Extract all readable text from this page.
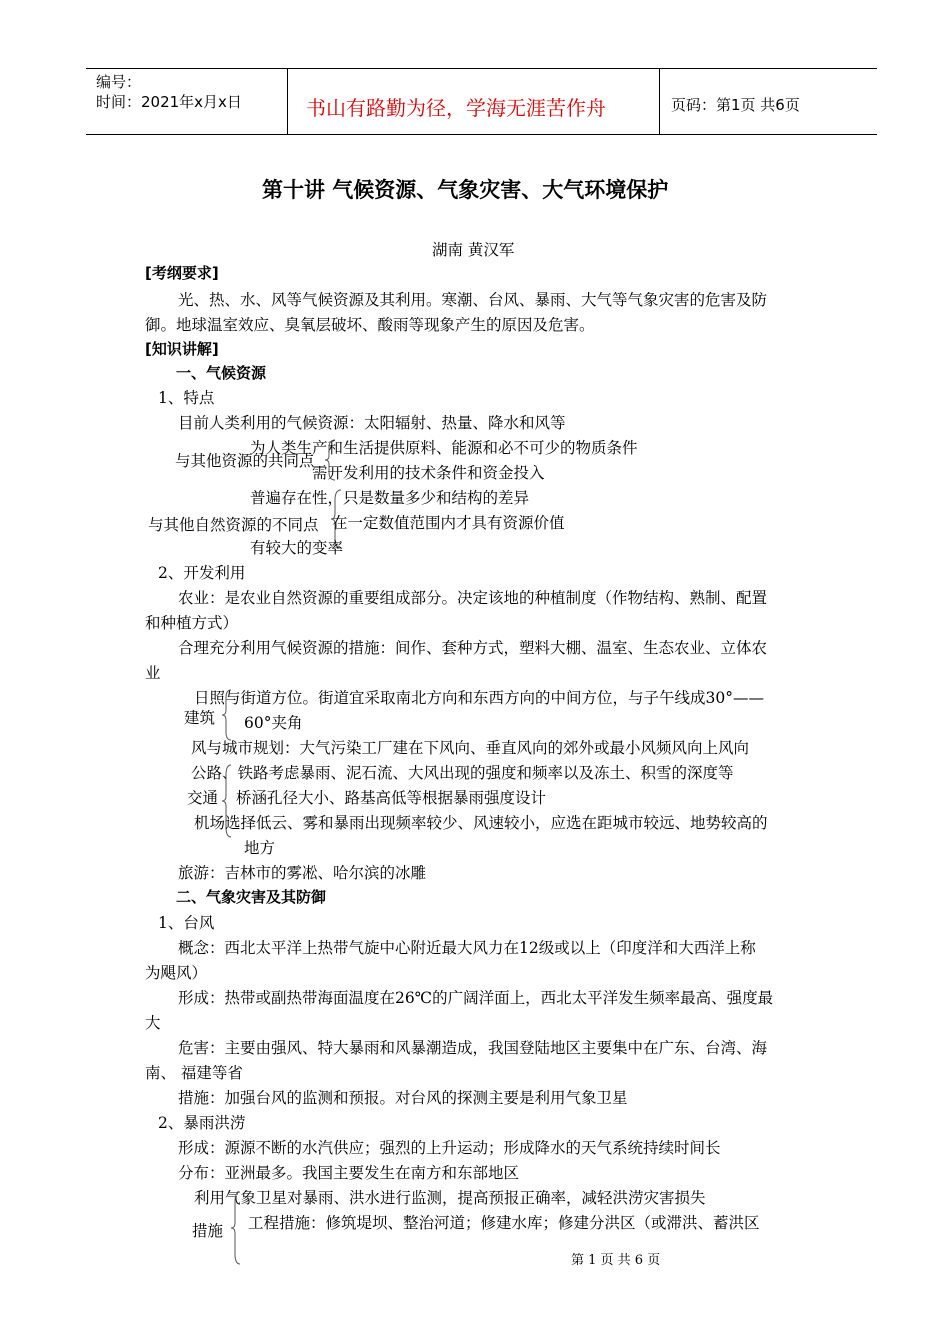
编号：
时间：2021年x月x日	书山有路勤为径，学海无涯苦作舟	页码：第1页 共6页
第十讲 气候资源、气象灾害、大气环境保护
湖南 黄汉军
[考纲要求]
光、热、水、风等气候资源及其利用。寒潮、台风、暴雨、大气等气象灾害的危害及防
御。地球温室效应、臭氧层破坏、酸雨等现象产生的原因及危害。
[知识讲解]
一、气候资源
1、特点
目前人类利用的气候资源：太阳辐射、热量、降水和风等
为人类生产和生活提供原料、能源和必不可少的物质条件
与其他资源的共同点
需开发利用的技术条件和资金投入
普遍存在性，只是数量多少和结构的差异
与其他自然资源的不同点 在一定数值范围内才具有资源价值
有较大的变率
2、开发利用
农业：是农业自然资源的重要组成部分。决定该地的种植制度（作物结构、熟制、配置
和种植方式）
合理充分利用气候资源的措施：间作、套种方式，塑料大棚、温室、生态农业、立体农
业
日照与街道方位。街道宜采取南北方向和东西方向的中间方位，与子午线成30°——
建筑 60°夹角
风与城市规划：大气污染工厂建在下风向、垂直风向的郊外或最小风频风向上风向
公路、铁路考虑暴雨、泥石流、大风出现的强度和频率以及冻土、积雪的深度等
交通 桥涵孔径大小、路基高低等根据暴雨强度设计
机场选择低云、雾和暴雨出现频率较少、风速较小，应选在距城市较远、地势较高的
地方
旅游：吉林市的雾凇、哈尔滨的冰雕
二、气象灾害及其防御
1、台风
概念：西北太平洋上热带气旋中心附近最大风力在12级或以上（印度洋和大西洋上称
为飓风）
形成：热带或副热带海面温度在26℃的广阔洋面上，西北太平洋发生频率最高、强度最
大
危害：主要由强风、特大暴雨和风暴潮造成，我国登陆地区主要集中在广东、台湾、海
南、 福建等省
措施：加强台风的监测和预报。对台风的探测主要是利用气象卫星
2、暴雨洪涝
形成：源源不断的水汽供应；强烈的上升运动；形成降水的天气系统持续时间长
分布：亚洲最多。我国主要发生在南方和东部地区
利用气象卫星对暴雨、洪水进行监测，提高预报正确率，减轻洪涝灾害损失
措施 工程措施：修筑堤坝、整治河道；修建水库；修建分洪区（或滞洪、蓄洪区
第 1 页 共 6 页
